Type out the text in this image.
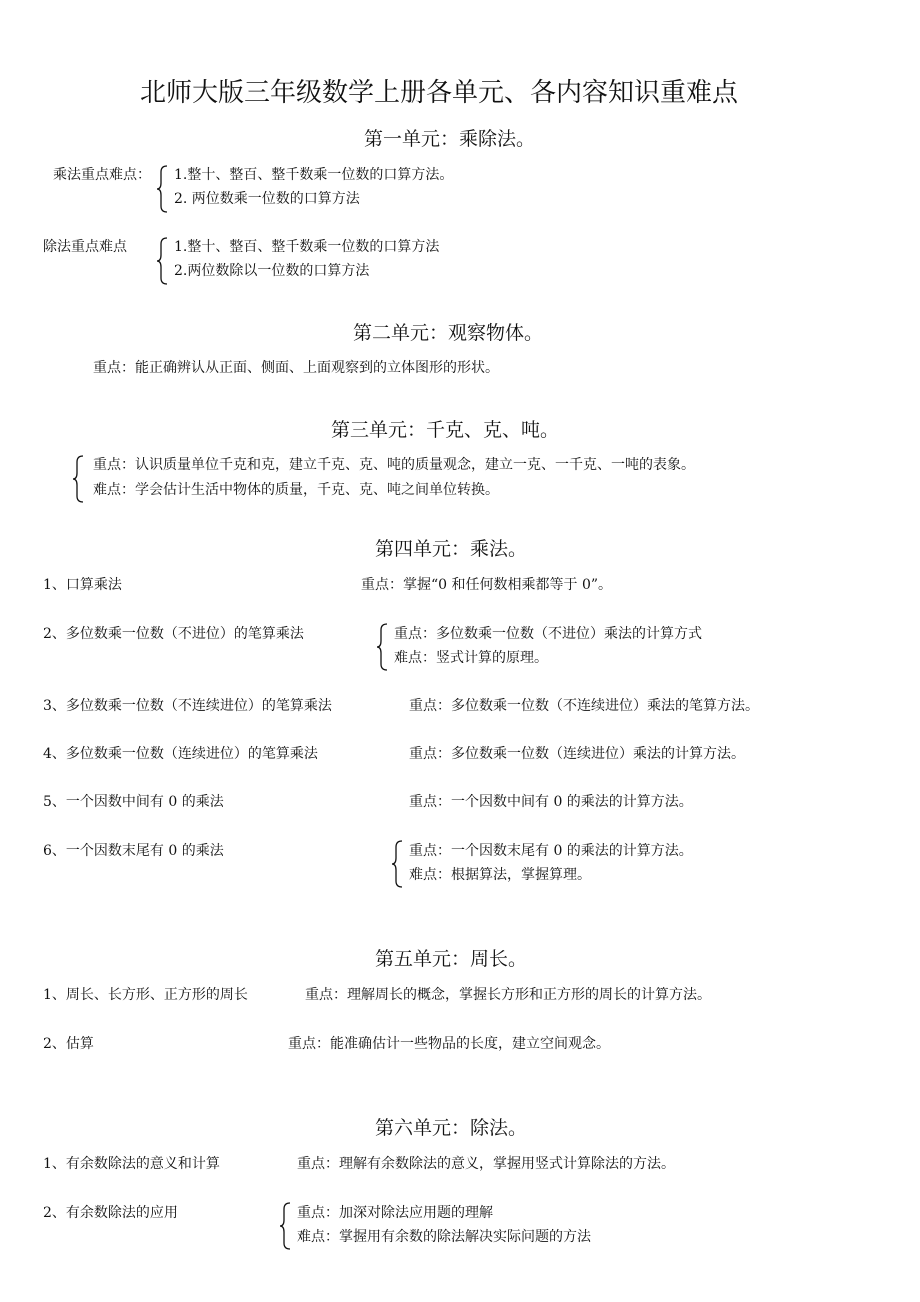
北师大版三年级数学上册各单元、各内容知识重难点
第一单元：乘除法。
乘法重点难点： 1.整十、整百、整千数乘一位数的口算方法。
2. 两位数乘一位数的口算方法
除法重点难点	1.整十、整百、整千数乘一位数的口算方法
2.两位数除以一位数的口算方法
第二单元：观察物体。
重点：能正确辨认从正面、侧面、上面观察到的立体图形的形状。
第三单元：千克、克、吨。
重点：认识质量单位千克和克，建立千克、克、吨的质量观念，建立一克、一千克、一吨的表象。
难点：学会估计生活中物体的质量，千克、克、吨之间单位转换。
第四单元：乘法。
1、口算乘法	重点：掌握“0 和任何数相乘都等于 0”。
2、多位数乘一位数（不进位）的笔算乘法	重点：多位数乘一位数（不进位）乘法的计算方式
难点：竖式计算的原理。
3、多位数乘一位数（不连续进位）的笔算乘法	重点：多位数乘一位数（不连续进位）乘法的笔算方法。
4、多位数乘一位数（连续进位）的笔算乘法	重点：多位数乘一位数（连续进位）乘法的计算方法。
5、一个因数中间有 0 的乘法	重点：一个因数中间有 0 的乘法的计算方法。
6、一个因数末尾有 0 的乘法	重点：一个因数末尾有 0 的乘法的计算方法。
难点：根据算法，掌握算理。
第五单元：周长。
1、周长、长方形、正方形的周长	重点：理解周长的概念，掌握长方形和正方形的周长的计算方法。
2、估算	重点：能准确估计一些物品的长度，建立空间观念。
第六单元：除法。
1、有余数除法的意义和计算	重点：理解有余数除法的意义，掌握用竖式计算除法的方法。
2、有余数除法的应用	重点：加深对除法应用题的理解
难点：掌握用有余数的除法解决实际问题的方法
